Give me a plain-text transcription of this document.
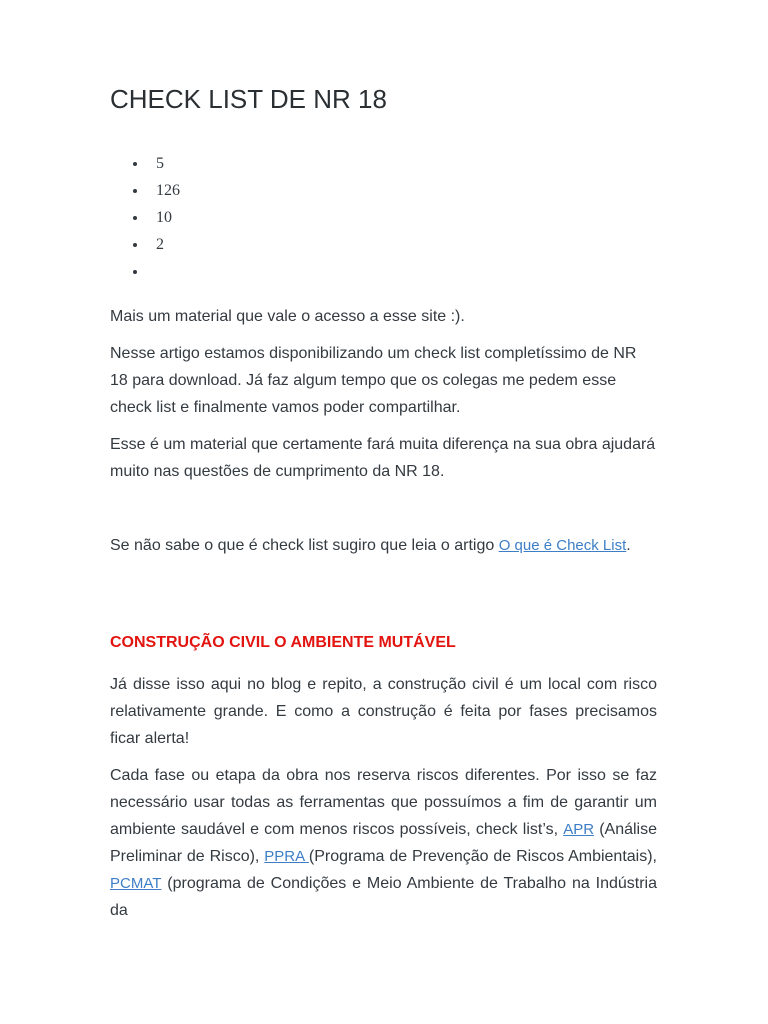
CHECK LIST DE NR 18
5
126
10
2

Mais um material que vale o acesso a esse site :).

Nesse artigo estamos disponibilizando um check list completíssimo de NR 18 para download. Já faz algum tempo que os colegas me pedem esse check list e finalmente vamos poder compartilhar.

Esse é um material que certamente fará muita diferença na sua obra ajudará muito nas questões de cumprimento da NR 18.

Se não sabe o que é check list sugiro que leia o artigo O que é Check List.

CONSTRUÇÃO CIVIL O AMBIENTE MUTÁVEL

Já disse isso aqui no blog e repito, a construção civil é um local com risco relativamente grande. E como a construção é feita por fases precisamos ficar alerta!

Cada fase ou etapa da obra nos reserva riscos diferentes. Por isso se faz necessário usar todas as ferramentas que possuímos a fim de garantir um ambiente saudável e com menos riscos possíveis, check list’s, APR (Análise Preliminar de Risco), PPRA (Programa de Prevenção de Riscos Ambientais), PCMAT (programa de Condições e Meio Ambiente de Trabalho na Indústria da
